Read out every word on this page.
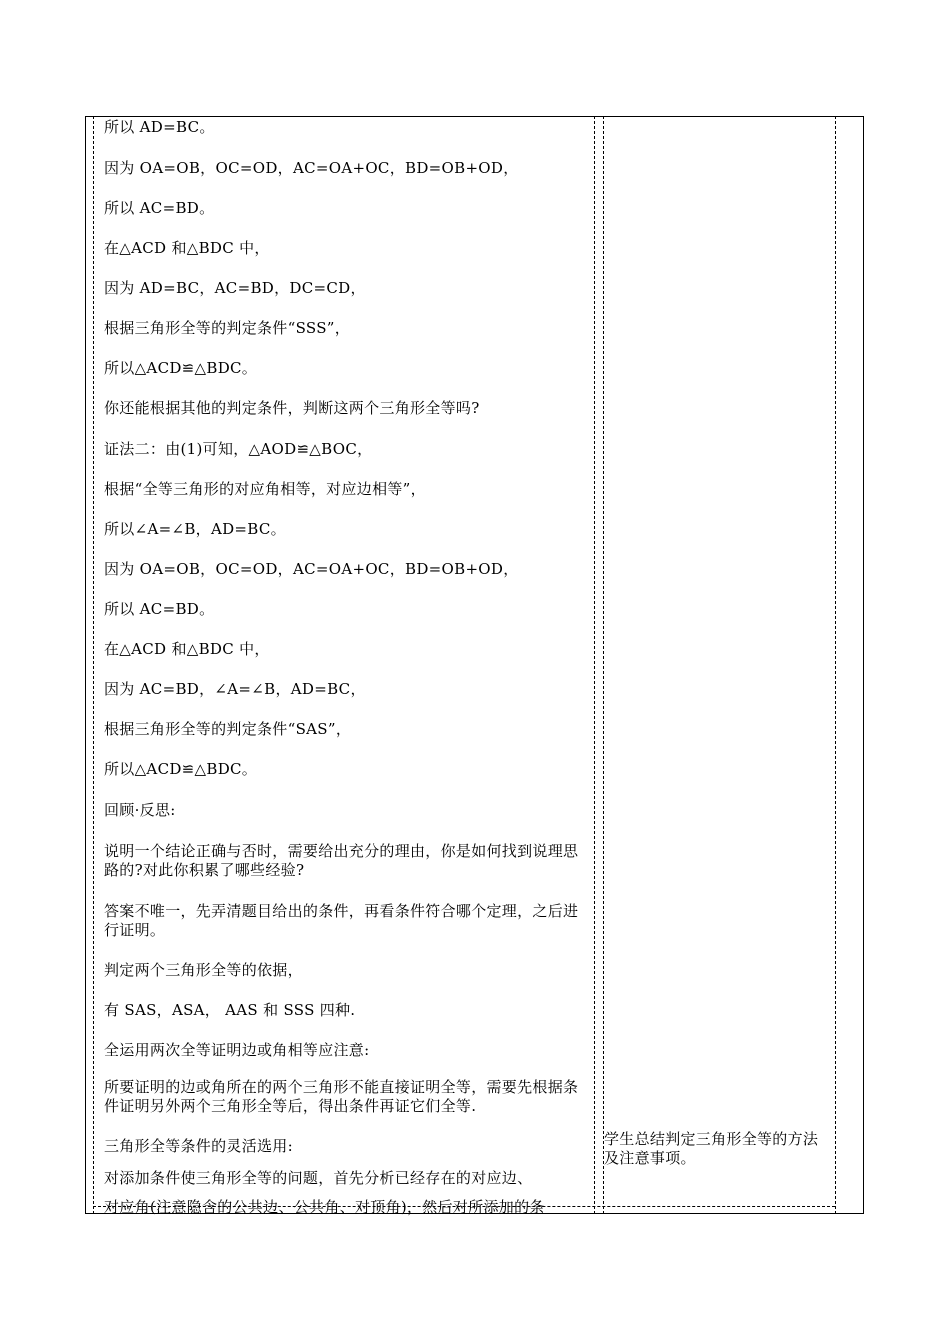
所以 AD=BC。
因为 OA=OB，OC=OD，AC=OA+OC，BD=OB+OD，
所以 AC=BD。
在△ACD 和△BDC 中，
因为 AD=BC，AC=BD，DC=CD，
根据三角形全等的判定条件“SSS”，
所以△ACD≌△BDC。
你还能根据其他的判定条件，判断这两个三角形全等吗?
证法二：由(1)可知，△AOD≌△BOC，
根据“全等三角形的对应角相等，对应边相等”，
所以∠A=∠B，AD=BC。
因为 OA=OB，OC=OD，AC=OA+OC，BD=OB+OD，
所以 AC=BD。
在△ACD 和△BDC 中，
因为 AC=BD，∠A=∠B，AD=BC，
根据三角形全等的判定条件“SAS”，
所以△ACD≌△BDC。
回顾·反思:
说明一个结论正确与否时，需要给出充分的理由，你是如何找到说理思路的?对此你积累了哪些经验?
答案不唯一，先弄清题目给出的条件，再看条件符合哪个定理，之后进行证明。
判定两个三角形全等的依据，
有 SAS，ASA， AAS 和 SSS 四种.
全运用两次全等证明边或角相等应注意:
所要证明的边或角所在的两个三角形不能直接证明全等，需要先根据条件证明另外两个三角形全等后，得出条件再证它们全等.
三角形全等条件的灵活选用:
对添加条件使三角形全等的问题，首先分析已经存在的对应边、
对应角(注意隐含的公共边、公共角、对顶角)，然后对所添加的条
学生总结判定三角形全等的方法及注意事项。
